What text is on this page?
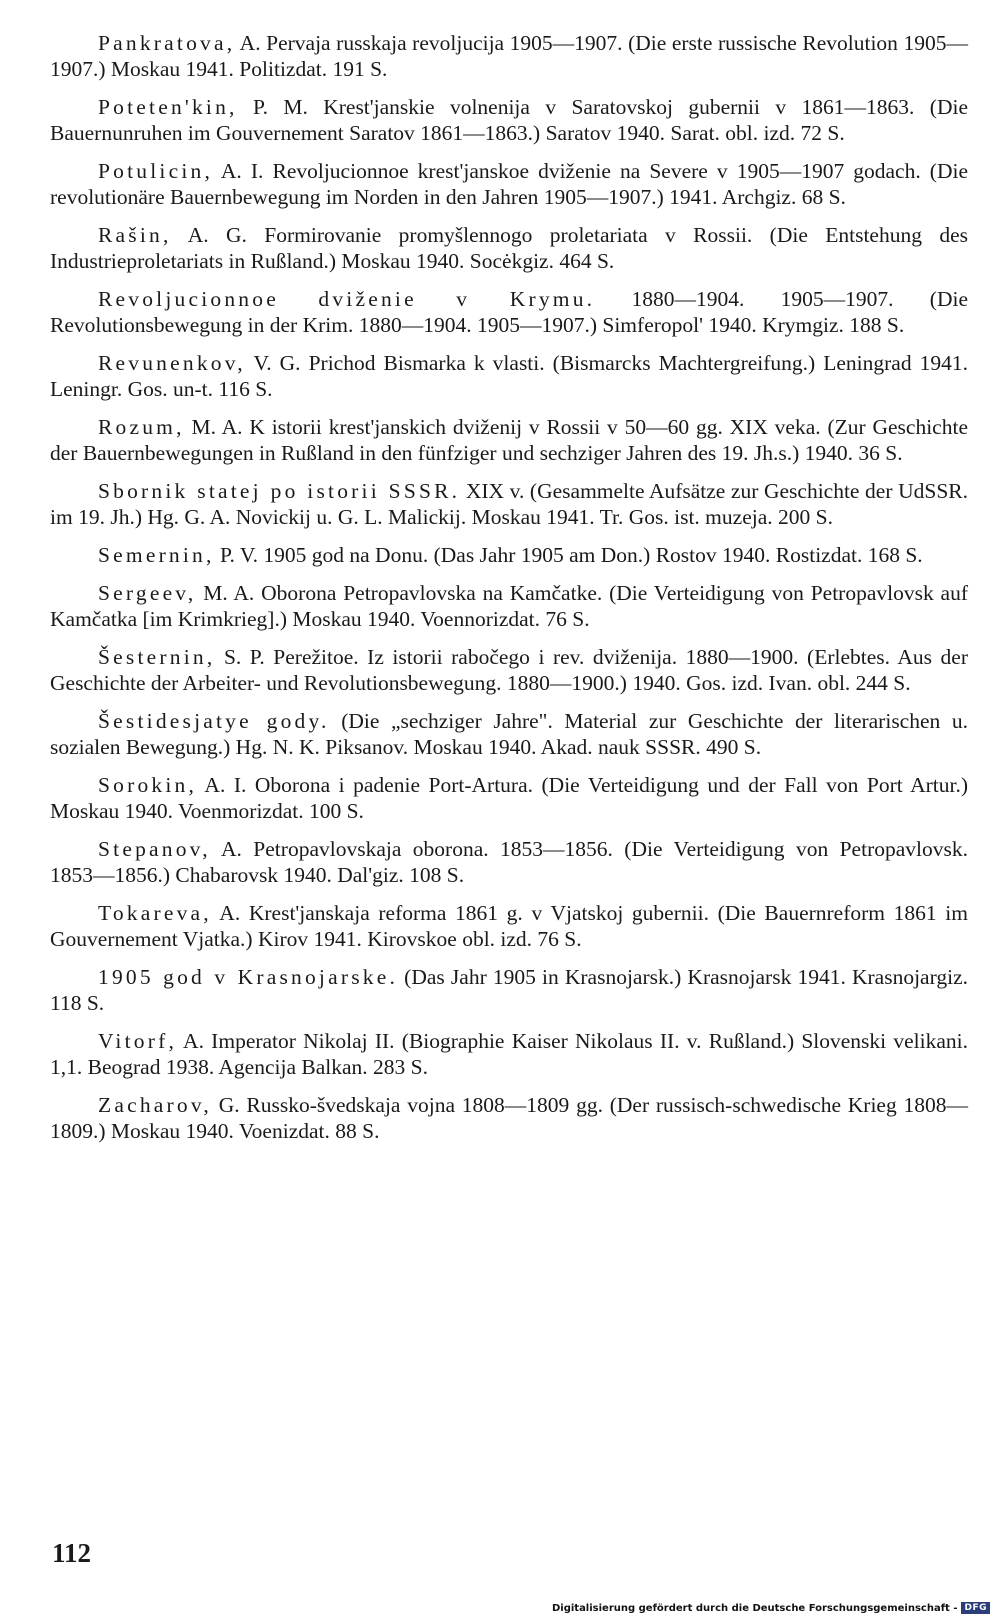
Pankratova, A. Pervaja russkaja revoljucija 1905—1907. (Die erste russische Revolution 1905—1907.) Moskau 1941. Politizdat. 191 S.

Poteten'kin, P. M. Krest'janskie volnenija v Saratovskoj gubernii v 1861—1863. (Die Bauernunruhen im Gouvernement Saratov 1861—1863.) Saratov 1940. Sarat. obl. izd. 72 S.

Potulicin, A. I. Revoljucionnoe krest'janskoe dviženie na Severe v 1905—1907 godach. (Die revolutionäre Bauernbewegung im Norden in den Jahren 1905—1907.) 1941. Archgiz. 68 S.

Rašin, A. G. Formirovanie promyšlennogo proletariata v Rossii. (Die Entstehung des Industrieproletariats in Rußland.) Moskau 1940. Socėkgiz. 464 S.

Revoljucionnoe dviženie v Krymu. 1880—1904. 1905—1907. (Die Revolutionsbewegung in der Krim. 1880—1904. 1905—1907.) Simferopol' 1940. Krymgiz. 188 S.

Revunenkov, V. G. Prichod Bismarka k vlasti. (Bismarcks Machtergreifung.) Leningrad 1941. Leningr. Gos. un-t. 116 S.

Rozum, M. A. K istorii krest'janskich dviženij v Rossii v 50—60 gg. XIX veka. (Zur Geschichte der Bauernbewegungen in Rußland in den fünfziger und sechziger Jahren des 19. Jh.s.) 1940. 36 S.

Sbornik statej po istorii SSSR. XIX v. (Gesammelte Aufsätze zur Geschichte der UdSSR. im 19. Jh.) Hg. G. A. Novickij u. G. L. Malickij. Moskau 1941. Tr. Gos. ist. muzeja. 200 S.

Semernin, P. V. 1905 god na Donu. (Das Jahr 1905 am Don.) Rostov 1940. Rostizdat. 168 S.

Sergeev, M. A. Oborona Petropavlovska na Kamčatke. (Die Verteidigung von Petropavlovsk auf Kamčatka [im Krimkrieg].) Moskau 1940. Voennorizdat. 76 S.

Šesternin, S. P. Perežitoe. Iz istorii rabočego i rev. dviženija. 1880—1900. (Erlebtes. Aus der Geschichte der Arbeiter- und Revolutionsbewegung. 1880—1900.) 1940. Gos. izd. Ivan. obl. 244 S.

Šestidesjatye gody. (Die „sechziger Jahre". Material zur Geschichte der literarischen u. sozialen Bewegung.) Hg. N. K. Piksanov. Moskau 1940. Akad. nauk SSSR. 490 S.

Sorokin, A. I. Oborona i padenie Port-Artura. (Die Verteidigung und der Fall von Port Artur.) Moskau 1940. Voenmorizdat. 100 S.

Stepanov, A. Petropavlovskaja oborona. 1853—1856. (Die Verteidigung von Petropavlovsk. 1853—1856.) Chabarovsk 1940. Dal'giz. 108 S.

Tokareva, A. Krest'janskaja reforma 1861 g. v Vjatskoj gubernii. (Die Bauernreform 1861 im Gouvernement Vjatka.) Kirov 1941. Kirovskoe obl. izd. 76 S.

1905 god v Krasnojarske. (Das Jahr 1905 in Krasnojarsk.) Krasnojarsk 1941. Krasnojargiz. 118 S.

Vitorf, A. Imperator Nikolaj II. (Biographie Kaiser Nikolaus II. v. Rußland.) Slovenski velikani. 1,1. Beograd 1938. Agencija Balkan. 283 S.

Zacharov, G. Russko-švedskaja vojna 1808—1809 gg. (Der russisch-schwedische Krieg 1808—1809.) Moskau 1940. Voenizdat. 88 S.

112
Digitalisierung gefördert durch die Deutsche Forschungsgemeinschaft - DFG
